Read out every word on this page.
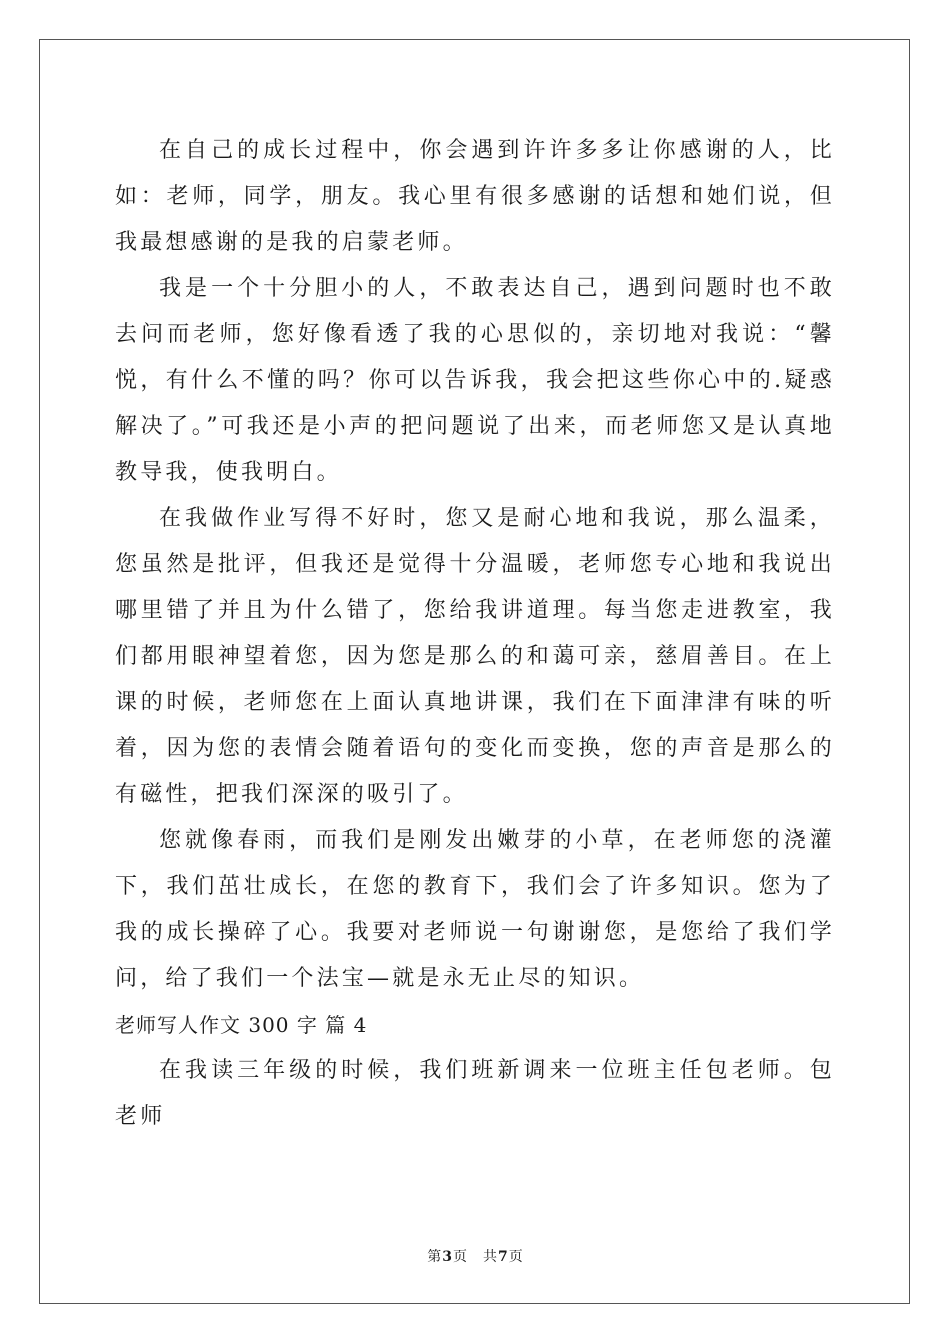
在自己的成长过程中，你会遇到许许多多让你感谢的人，比如：老师，同学，朋友。我心里有很多感谢的话想和她们说，但我最想感谢的是我的启蒙老师。

我是一个十分胆小的人，不敢表达自己，遇到问题时也不敢去问而老师，您好像看透了我的心思似的，亲切地对我说：“馨悦，有什么不懂的吗？你可以告诉我，我会把这些你心中的.疑惑解决了。”可我还是小声的把问题说了出来，而老师您又是认真地教导我，使我明白。

在我做作业写得不好时，您又是耐心地和我说，那么温柔，您虽然是批评，但我还是觉得十分温暖，老师您专心地和我说出哪里错了并且为什么错了，您给我讲道理。每当您走进教室，我们都用眼神望着您，因为您是那么的和蔼可亲，慈眉善目。在上课的时候，老师您在上面认真地讲课，我们在下面津津有味的听着，因为您的表情会随着语句的变化而变换，您的声音是那么的有磁性，把我们深深的吸引了。

您就像春雨，而我们是刚发出嫩芽的小草，在老师您的浇灌下，我们茁壮成长，在您的教育下，我们会了许多知识。您为了我的成长操碎了心。我要对老师说一句谢谢您，是您给了我们学问，给了我们一个法宝—就是永无止尽的知识。

老师写人作文 300 字 篇 4

在我读三年级的时候，我们班新调来一位班主任包老师。包老师

第3页 共7页
